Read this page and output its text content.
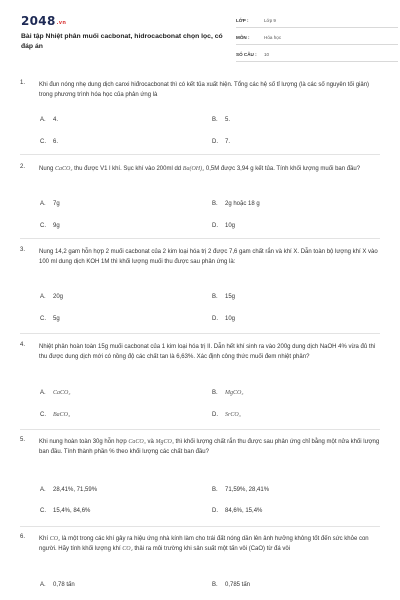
2048.vn
Bài tập Nhiệt phân muối cacbonat, hidrocacbonat chọn lọc, có đáp án
LỚP :	Lớp 9
MÔN :	Hóa học
SỐ CÂU :	10
1. Khi đun nóng nhẹ dung dịch canxi hiđrocacbonat thì có kết tủa xuất hiện. Tổng các hệ số tỉ lượng (là các số nguyên tối giản) trong phương trình hóa học của phản ứng là
A. 4.	B. 5.
C. 6.	D. 7.
2. Nung CaCO₃ thu được V1 l khí. Sục khí vào 200ml dd Ba(OH)₂ 0,5M được 3,94 g kết tủa. Tính khối lượng muối ban đầu?
A. 7g	B. 2g hoặc 18 g
C. 9g	D. 10g
3. Nung 14,2 gam hỗn hợp 2 muối cacbonat của 2 kim loại hóa trị 2 được 7,6 gam chất rắn và khí X. Dẫn toàn bộ lượng khí X vào 100 ml dung dịch KOH 1M thì khối lượng muối thu được sau phản ứng là:
A. 20g	B. 15g
C. 5g	D. 10g
4. Nhiệt phân hoàn toàn 15g muối cacbonat của 1 kim loại hóa trị II. Dẫn hết khí sinh ra vào 200g dung dịch NaOH 4% vừa đủ thì thu được dung dịch mới có nồng độ các chất tan là 6,63%. Xác định công thức muối đem nhiệt phân?
A. CaCO₃	B. MgCO₃
C. BaCO₃	D. SrCO₃
5. Khi nung hoàn toàn 30g hỗn hợp CaCO₃ và MgCO₃ thì khối lượng chất rắn thu được sau phản ứng chỉ bằng một nửa khối lượng ban đầu. Tính thành phần % theo khối lượng các chất ban đầu?
A. 28,41%, 71,59%	B. 71,59%, 28,41%
C. 15,4%, 84,6%	D. 84,6%, 15,4%
6. Khí CO₂ là một trong các khí gây ra hiệu ứng nhà kính làm cho trái đất nóng dần lên ảnh hưởng không tốt đến sức khỏe con người. Hãy tính khối lượng khí CO₂ thải ra môi trường khi sản suất một tấn vôi (CaO) từ đá vôi
A. 0,78 tấn	B. 0,785 tấn
